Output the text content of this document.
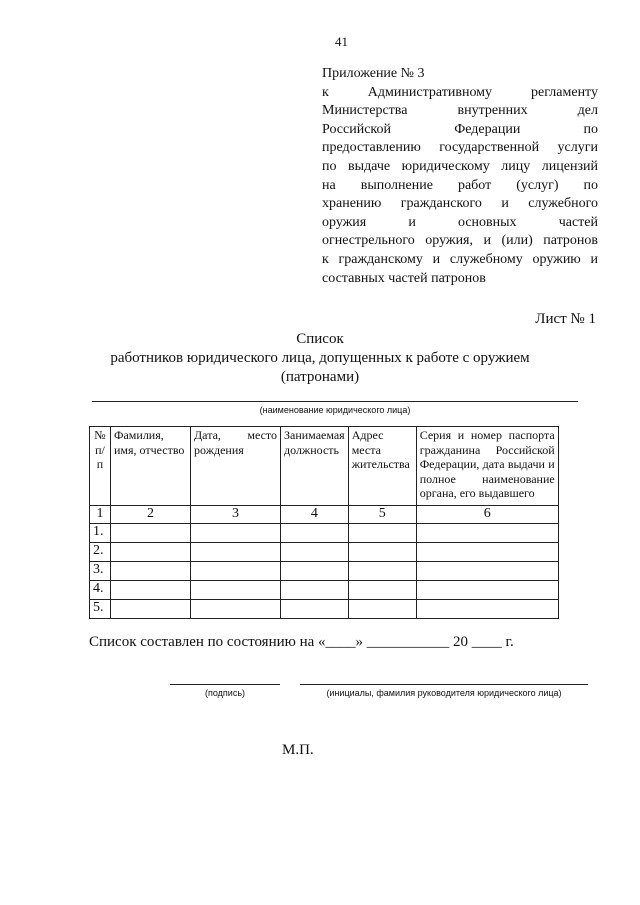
41
Приложение № 3
к Административному регламенту
Министерства внутренних дел
Российской Федерации по
предоставлению государственной услуги
по выдаче юридическому лицу лицензий
на выполнение работ (услуг) по
хранению гражданского и служебного
оружия и основных частей
огнестрельного оружия, и (или) патронов
к гражданскому и служебному оружию и
составных частей патронов
Лист № 1
Список
работников юридического лица, допущенных к работе с оружием
(патронами)
(наименование юридического лица)
№ п/п	Фамилия, имя, отчество	Дата, место рождения	Занимаемая должность	Адрес места жительства	Серия и номер паспорта гражданина Российской Федерации, дата выдачи и полное наименование органа, его выдавшего
1	2	3	4	5	6
1.					
2.					
3.					
4.					
5.					
Список составлен по состоянию на «____» ___________ 20 ____ г.
(подпись)	(инициалы, фамилия руководителя юридического лица)
М.П.
